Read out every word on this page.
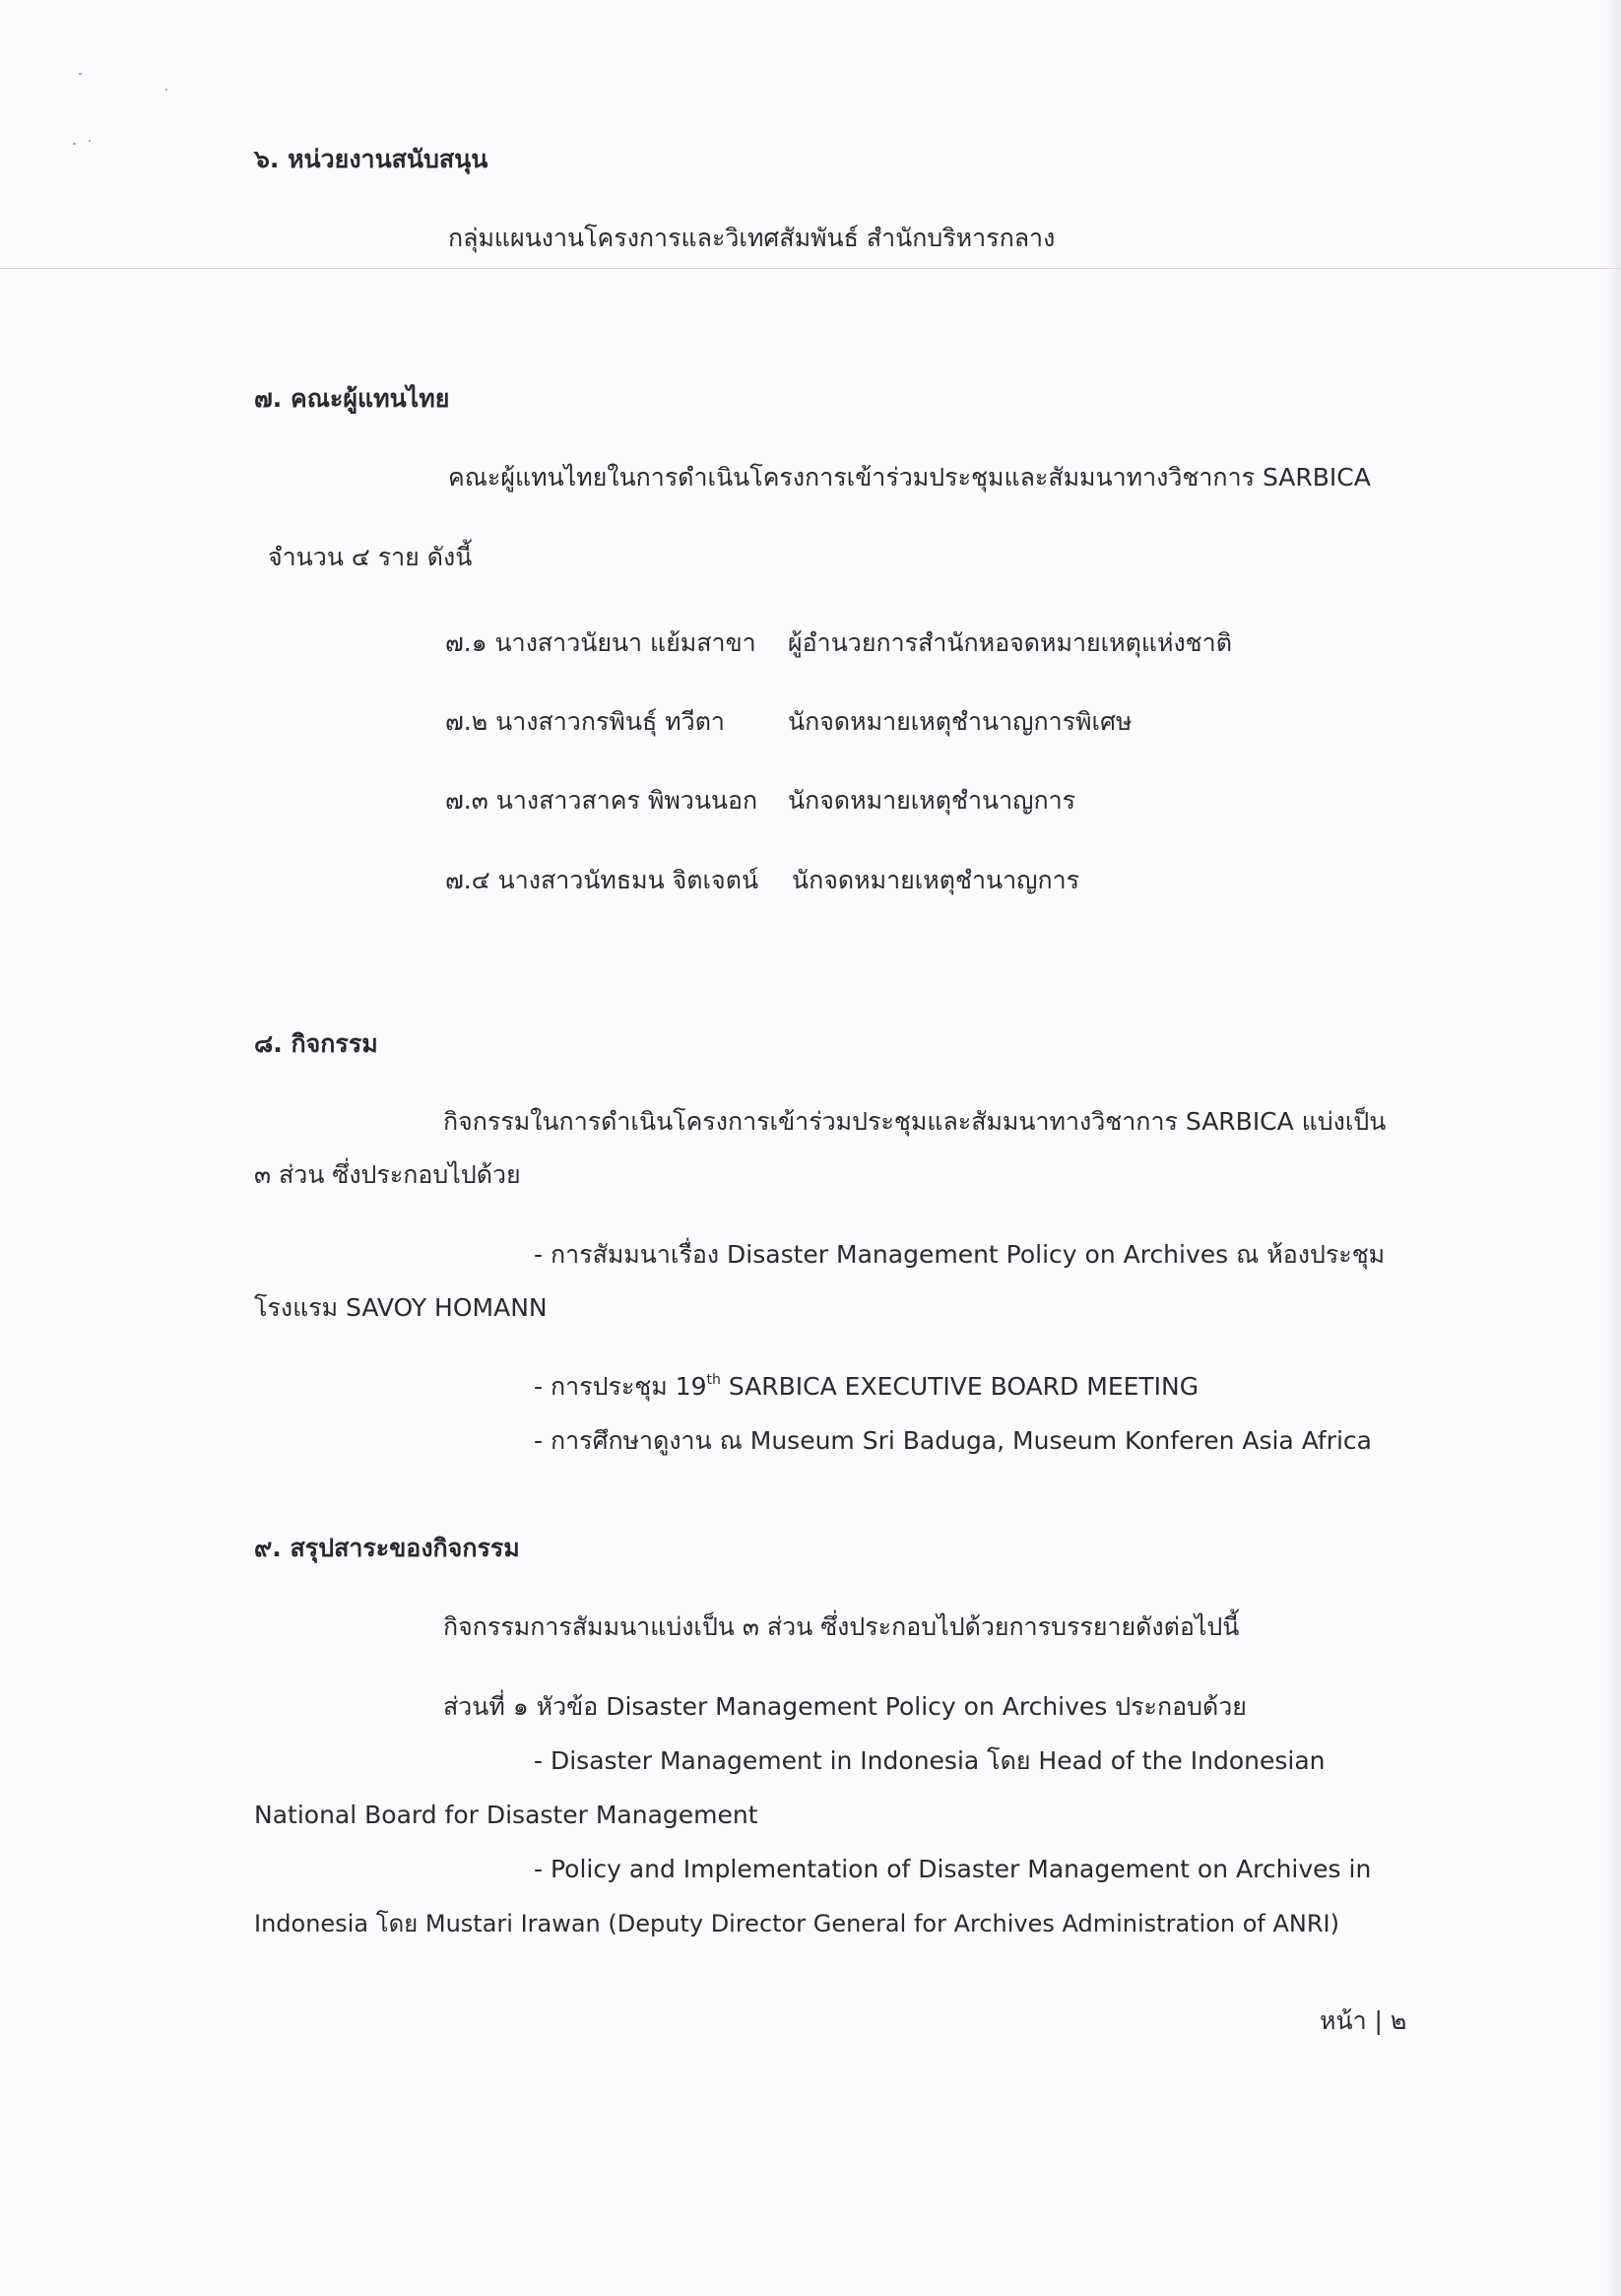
๖. หน่วยงานสนับสนุน
กลุ่มแผนงานโครงการและวิเทศสัมพันธ์ สำนักบริหารกลาง
๗. คณะผู้แทนไทย
คณะผู้แทนไทยในการดำเนินโครงการเข้าร่วมประชุมและสัมมนาทางวิชาการ SARBICA
จำนวน ๔ ราย ดังนี้
๗.๑ นางสาวนัยนา แย้มสาขา ผู้อำนวยการสำนักหอจดหมายเหตุแห่งชาติ
๗.๒ นางสาวกรพินธุ์ ทวีตา	นักจดหมายเหตุชำนาญการพิเศษ
๗.๓ นางสาวสาคร พิพวนนอก นักจดหมายเหตุชำนาญการ
๗.๔ นางสาวนัทธมน จิตเจตน์ นักจดหมายเหตุชำนาญการ
๘. กิจกรรม
กิจกรรมในการดำเนินโครงการเข้าร่วมประชุมและสัมมนาทางวิชาการ SARBICA แบ่งเป็น
๓ ส่วน ซึ่งประกอบไปด้วย
- การสัมมนาเรื่อง Disaster Management Policy on Archives ณ ห้องประชุม
โรงแรม SAVOY HOMANN
- การประชุม 19th SARBICA EXECUTIVE BOARD MEETING
- การศึกษาดูงาน ณ Museum Sri Baduga, Museum Konferen Asia Africa
๙. สรุปสาระของกิจกรรม
กิจกรรมการสัมมนาแบ่งเป็น ๓ ส่วน ซึ่งประกอบไปด้วยการบรรยายดังต่อไปนี้
ส่วนที่ ๑ หัวข้อ Disaster Management Policy on Archives ประกอบด้วย
- Disaster Management in Indonesia โดย Head of the Indonesian
National Board for Disaster Management
- Policy and Implementation of Disaster Management on Archives in
Indonesia โดย Mustari Irawan (Deputy Director General for Archives Administration of ANRI)
หน้า | ๒
